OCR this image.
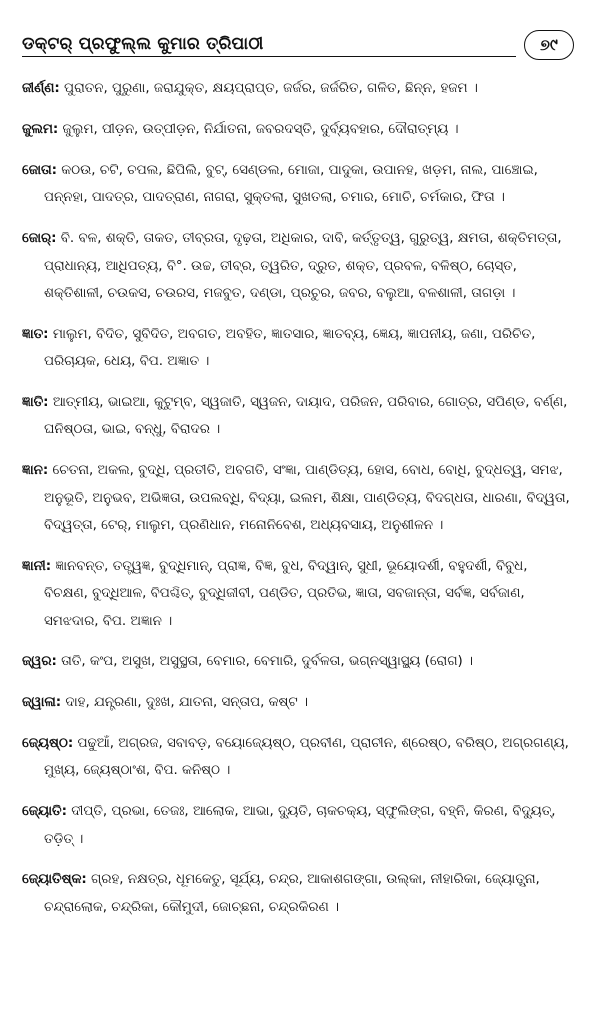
ଡକ୍ଟର୍ ପ୍ରଫୁଲ୍ଲ କୁମାର ତ୍ରିପାଠୀ	୭୯

ଜୀର୍ଣ୍ଣ: ପୁରାତନ, ପୁରୁଣା, ଜରାଯୁକ୍ତ, କ୍ଷୟପ୍ରାପ୍ତ, ଜର୍ଜର, ଜର୍ଜରିତ, ଗଳିତ, ଛିନ୍ନ, ହଜମ ।

ଜୁଲମ: ଜୁଲୁମ, ପୀଡ଼ନ, ଉତ୍ପୀଡ଼ନ, ନିର୍ଯାତନା, ଜବରଦସ୍ତି, ଦୁର୍ବ୍ୟବହାର, ଦୌରାତ୍ମ୍ୟ ।

ଜୋତା: କଠଉ, ଚଟି, ଚପଲ, ଛିପିଲି, ବୁଟ୍, ସେଣ୍ଡଲ, ମୋଜା, ପାଦୁକା, ଉପାନହ, ଖଡ଼ମ, ନାଲ, ପାଞ୍ଚୋଇ, ପନ୍ନହା, ପାଦତ୍ର, ପାଦତ୍ରାଣ, ନାଗରା, ସୁକ୍ତଲା, ସୁଖତଲା, ଚମାର, ମୋଚି, ଚର୍ମକାର, ଫିତା ।

ଜୋର୍: ବି. ବଳ, ଶକ୍ତି, ତାକତ, ତୀବ୍ରତା, ଦୃଢ଼ତା, ଅଧିକାର, ଦାବି, କର୍ତ୍ତୃତ୍ୱ, ଗୁରୁତ୍ୱ, କ୍ଷମତା, ଶକ୍ତିମତ୍ତା, ପ୍ରାଧାନ୍ୟ, ଆଧିପତ୍ୟ, ବି°. ଉଚ୍ଚ, ତୀବ୍ର, ତ୍ୱରିତ, ଦ୍ରୁତ, ଶକ୍ତ, ପ୍ରବଳ, ବଳିଷ୍ଠ, ଚୋସ୍ତ, ଶକ୍ତିଶାଳୀ, ଚଉକସ, ଚଉରସ, ମଜବୁତ, ଦଣ୍ଡା, ପ୍ରଚୁର, ଜବର, ବଲୁଆ, ବଳଶାଳୀ, ତାଗଡ଼ା ।

ଜ୍ଞାତ: ମାଲୁମ, ବିଦିତ, ସୁବିଦିତ, ଅବଗତ, ଅବହିତ, ଜ୍ଞାତସାର, ଜ୍ଞାତବ୍ୟ, ଜ୍ଞେୟ, ଜ୍ଞାପନୀୟ, ଜଣା, ପରିଚିତ, ପରିଚାୟକ, ଧେୟ, ବିପ. ଅଜ୍ଞାତ ।

ଜ୍ଞାତି: ଆତ୍ମୀୟ, ଭାଇଆ, କୁଟୁମ୍ବ, ସ୍ୱଜାତି, ସ୍ୱଜନ, ଦାୟାଦ, ପରିଜନ, ପରିବାର, ଗୋତ୍ର, ସପିଣ୍ଡ, ବର୍ଣ୍ଣ, ଘନିଷ୍ଠତା, ଭାଇ, ବନ୍ଧୁ, ବିରାଦର ।

ଜ୍ଞାନ: ଚେତନା, ଅକଲ, ବୁଦ୍ଧି, ପ୍ରତୀତି, ଅବଗତି, ସଂଜ୍ଞା, ପାଣ୍ଡିତ୍ୟ, ହୋସ, ବୋଧ, ବୋଧି, ବୁଦ୍ଧତ୍ୱ, ସମଝ, ଅନୁଭୂତି, ଅନୁଭବ, ଅଭିଜ୍ଞତା, ଉପଲବ୍ଧି, ବିଦ୍ୟା, ଇଲମ, ଶିକ୍ଷା, ପାଣ୍ଡିତ୍ୟ, ବିଦଗ୍ଧତା, ଧାରଣା, ବିଦ୍ୱତା, ବିଦ୍ୱତ୍ତା, ଟେର୍, ମାଲୁମ, ପ୍ରଣିଧାନ, ମନୋନିବେଶ, ଅଧ୍ୟବସାୟ, ଅନୁଶୀଳନ ।

ଜ୍ଞାନୀ: ଜ୍ଞାନବନ୍ତ, ତତ୍ତ୍ୱଜ୍ଞ, ବୁଦ୍ଧିମାନ୍, ପ୍ରାଜ୍ଞ, ବିଜ୍ଞ, ବୁଧ, ବିଦ୍ୱାନ୍, ସୁଧୀ, ଭୂୟୋଦର୍ଶୀ, ବହୁଦର୍ଶୀ, ବିବୁଧ, ବିଚକ୍ଷଣ, ବୁଦ୍ଧିଆଳ, ବିପଶ୍ଚିତ୍, ବୁଦ୍ଧିଜୀବୀ, ପଣ୍ଡିତ, ପ୍ରତିଭ, ଜ୍ଞାତା, ସବଜାନ୍ତା, ସର୍ବଜ୍ଞ, ସର୍ବଜାଣ, ସମଝଦାର, ବିପ. ଅଜ୍ଞାନ ।

ଜ୍ୱର: ତାତି, କଂପ, ଅସୁଖ, ଅସୁସ୍ଥତା, ବେମାର, ବେମାରି, ଦୁର୍ବଳତା, ଭଗ୍ନସ୍ୱାସ୍ଥ୍ୟ (ରୋଗ) ।

ଜ୍ୱାଳା: ଦାହ, ଯନ୍ତ୍ରଣା, ଦୁଃଖ, ଯାତନା, ସନ୍ତାପ, କଷ୍ଟ ।

ଜ୍ୟେଷ୍ଠ: ପଢୁଆଁ, ଅଗ୍ରଜ, ସବାବଡ଼, ବୟୋଜ୍ୟେଷ୍ଠ, ପ୍ରବୀଣ, ପ୍ରାଚୀନ, ଶ୍ରେଷ୍ଠ, ବରିଷ୍ଠ, ଅଗ୍ରଗଣ୍ୟ, ମୁଖ୍ୟ, ଜ୍ୟେଷ୍ଠାଂଶ, ବିପ. କନିଷ୍ଠ ।

ଜ୍ୟୋତି: ଦୀପ୍ତି, ପ୍ରଭା, ତେଜଃ, ଆଲୋକ, ଆଭା, ଦ୍ୟୁତି, ଚାକଚକ୍ୟ, ସ୍ଫୁଲିଙ୍ଗ, ବହ୍ନି, କିରଣ, ବିଦ୍ୟୁତ୍, ତଡ଼ିତ୍ ।

ଜ୍ୟୋତିଷ୍କ: ଗ୍ରହ, ନକ୍ଷତ୍ର, ଧୂମକେତୁ, ସୂର୍ଯ୍ୟ, ଚନ୍ଦ୍ର, ଆକାଶଗଙ୍ଗା, ଉଲ୍କା, ନୀହାରିକା, ଜ୍ୟୋତ୍ସ୍ନା, ଚନ୍ଦ୍ରାଲୋକ, ଚନ୍ଦ୍ରିକା, କୌମୁଦୀ, ଜୋଚ୍ଛନା, ଚନ୍ଦ୍ରକିରଣ ।
